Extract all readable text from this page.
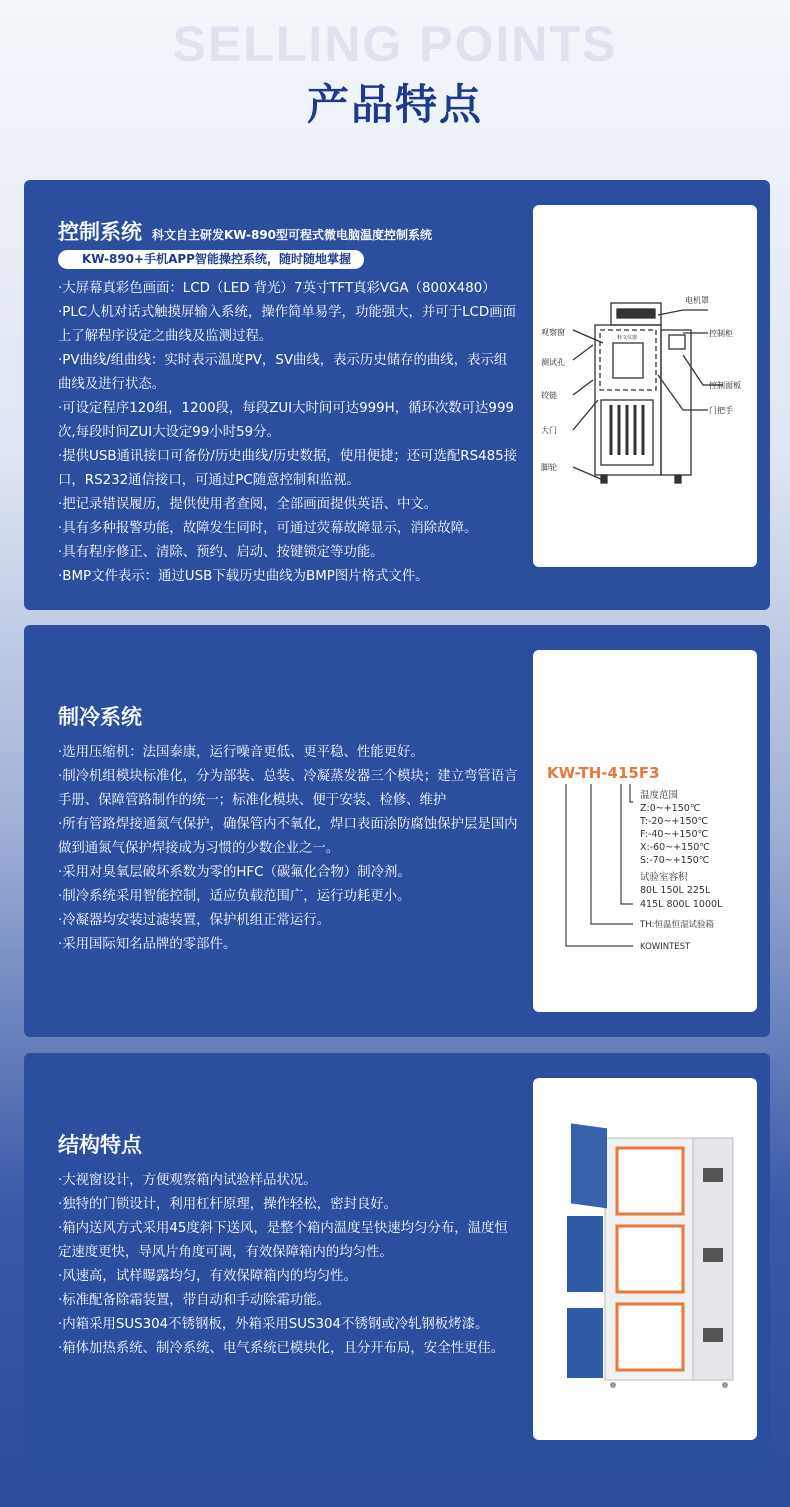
SELLING POINTS
产品特点
控制系统 科文自主研发KW-890型可程式微电脑温度控制系统
KW-890+手机APP智能操控系统，随时随地掌握
·大屏幕真彩色画面：LCD（LED 背光）7英寸TFT真彩VGA（800X480）
·PLC人机对话式触摸屏输入系统，操作简单易学，功能强大，并可于LCD画面上了解程序设定之曲线及监测过程。
·PV曲线/组曲线：实时表示温度PV，SV曲线，表示历史储存的曲线，表示组曲线及进行状态。
·可设定程序120组，1200段，每段ZUI大时间可达999H，循环次数可达999次,每段时间ZUI大设定99小时59分。
·提供USB通讯接口可备份/历史曲线/历史数据，使用便捷；还可选配RS485接口，RS232通信接口，可通过PC随意控制和监视。
·把记录错误履历，提供使用者查阅，全部画面提供英语、中文。
·具有多种报警功能，故障发生同时，可通过荧幕故障显示，消除故障。
·具有程序修正、清除、预约、启动、按键锁定等功能。
·BMP文件表示：通过USB下载历史曲线为BMP图片格式文件。
电机罩
观察窗	控制柜
测试孔
控制面板
铰链
门把手
大门
脚轮
科文仪器
制冷系统
·选用压缩机：法国泰康，运行噪音更低、更平稳、性能更好。
·制冷机组模块标准化，分为部装、总装、冷凝蒸发器三个模块；建立弯管语言手册、保障管路制作的统一；标准化模块、便于安装、检修、维护
·所有管路焊接通氮气保护，确保管内不氧化，焊口表面涂防腐蚀保护层是国内做到通氮气保护焊接成为习惯的少数企业之一。
·采用对臭氧层破坏系数为零的HFC（碳氟化合物）制冷剂。
·制冷系统采用智能控制，适应负载范围广，运行功耗更小。
·冷凝器均安装过滤装置，保护机组正常运行。
·采用国际知名品牌的零部件。
KW-TH-415F3
温度范围
Z:0~+150℃
T:-20~+150℃
F:-40~+150℃
X:-60~+150℃
S:-70~+150℃
试验室容积
80L 150L 225L
415L 800L 1000L
TH:恒温恒湿试验箱
KOWINTEST
结构特点
·大视窗设计，方便观察箱内试验样品状况。
·独特的门锁设计，利用杠杆原理，操作轻松，密封良好。
·箱内送风方式采用45度斜下送风，是整个箱内温度呈快速均匀分布，温度恒定速度更快，导风片角度可调，有效保障箱内的均匀性。
·风速高，试样曝露均匀，有效保障箱内的均匀性。
·标准配备除霜装置，带自动和手动除霜功能。
·内箱采用SUS304不锈钢板，外箱采用SUS304不锈钢或冷轧钢板烤漆。
·箱体加热系统、制冷系统、电气系统已模块化，且分开布局，安全性更佳。
